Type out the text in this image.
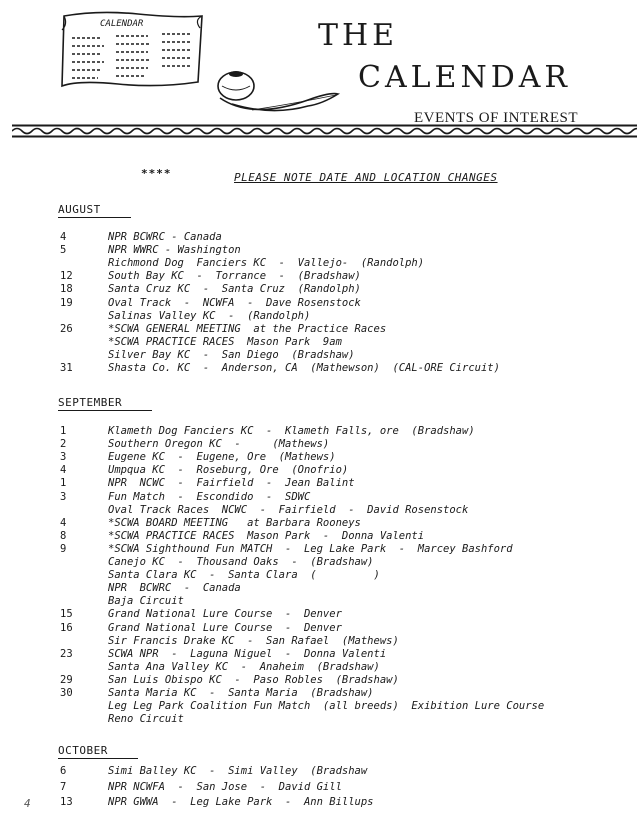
CALENDAR	THE
CALENDAR
EVENTS OF INTEREST
****	PLEASE NOTE DATE AND LOCATION CHANGES
AUGUST
4	NPR BCWRC - Canada
5	NPR WWRC - Washington
Richmond Dog  Fanciers KC  -  Vallejo-  (Randolph)
12	South Bay KC  -  Torrance  -  (Bradshaw)
18	Santa Cruz KC  -  Santa Cruz  (Randolph)
19	Oval Track  -  NCWFA  -  Dave Rosenstock
Salinas Valley KC  -  (Randolph)
26	*SCWA GENERAL MEETING  at the Practice Races
*SCWA PRACTICE RACES  Mason Park  9am
Silver Bay KC  -  San Diego  (Bradshaw)
31	Shasta Co. KC  -  Anderson, CA  (Mathewson)  (CAL-ORE Circuit)
SEPTEMBER
1	Klameth Dog Fanciers KC  -  Klameth Falls, ore  (Bradshaw)
2	Southern Oregon KC  -     (Mathews)
3	Eugene KC  -  Eugene, Ore  (Mathews)
4	Umpqua KC  -  Roseburg, Ore  (Onofrio)
1	NPR  NCWC  -  Fairfield  -  Jean Balint
3	Fun Match  -  Escondido  -  SDWC
Oval Track Races  NCWC  -  Fairfield  -  David Rosenstock
4	*SCWA BOARD MEETING   at Barbara Rooneys
8	*SCWA PRACTICE RACES  Mason Park  -  Donna Valenti
9	*SCWA Sighthound Fun MATCH  -  Leg Lake Park  -  Marcey Bashford
Canejo KC  -  Thousand Oaks  -  (Bradshaw)
Santa Clara KC  -  Santa Clara  (         )
NPR  BCWRC  -  Canada
Baja Circuit
15	Grand National Lure Course  -  Denver
16	Grand National Lure Course  -  Denver
Sir Francis Drake KC  -  San Rafael  (Mathews)
23	SCWA NPR  -  Laguna Niguel  -  Donna Valenti
Santa Ana Valley KC  -  Anaheim  (Bradshaw)
29	San Luis Obispo KC  -  Paso Robles  (Bradshaw)
30	Santa Maria KC  -  Santa Maria  (Bradshaw)
Leg Leg Park Coalition Fun Match  (all breeds)  Exibition Lure Course
Reno Circuit
OCTOBER
6	Simi Balley KC  -  Simi Valley  (Bradshaw
7	NPR NCWFA  -  San Jose  -  David Gill
13	NPR GWWA  -  Leg Lake Park  -  Ann Billups
4
